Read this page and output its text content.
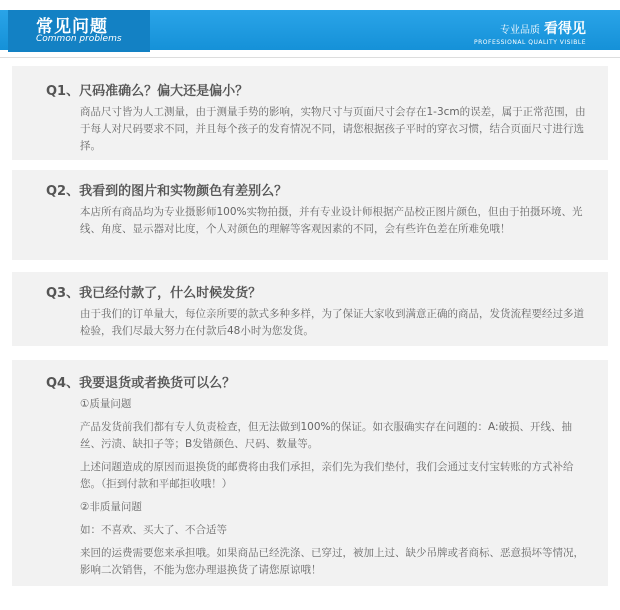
常见问题
Common problems
专业品质 看得见
PROFESSIONAL QUALITY VISIBLE
Q1、尺码准确么？偏大还是偏小？

商品尺寸皆为人工测量，由于测量手势的影响，实物尺寸与页面尺寸会存在1-3cm的误差，属于正常范围，由于每人对尺码要求不同，并且每个孩子的发育情况不同，请您根据孩子平时的穿衣习惯，结合页面尺寸进行选择。

Q2、我看到的图片和实物颜色有差别么？

本店所有商品均为专业摄影师100%实物拍摄，并有专业设计师根据产品校正图片颜色，但由于拍摄环境、光线、角度、显示器对比度，个人对颜色的理解等客观因素的不同，会有些许色差在所难免哦！

Q3、我已经付款了，什么时候发货？

由于我们的订单量大，每位亲所要的款式多种多样，为了保证大家收到满意正确的商品，发货流程要经过多道检验，我们尽最大努力在付款后48小时为您发货。

Q4、我要退货或者换货可以么？

①质量问题

产品发货前我们都有专人负责检查，但无法做到100%的保证。如衣服确实存在问题的：A:破损、开线、抽丝、污渍、缺扣子等；B发错颜色、尺码、数量等。

上述问题造成的原因而退换货的邮费将由我们承担，亲们先为我们垫付，我们会通过支付宝转账的方式补给您。（拒到付款和平邮拒收哦！）

②非质量问题

如：不喜欢、买大了、不合适等

来回的运费需要您来承担哦。如果商品已经洗涤、已穿过，被加上过、缺少吊牌或者商标、恶意损坏等情况，影响二次销售，不能为您办理退换货了请您原谅哦！
